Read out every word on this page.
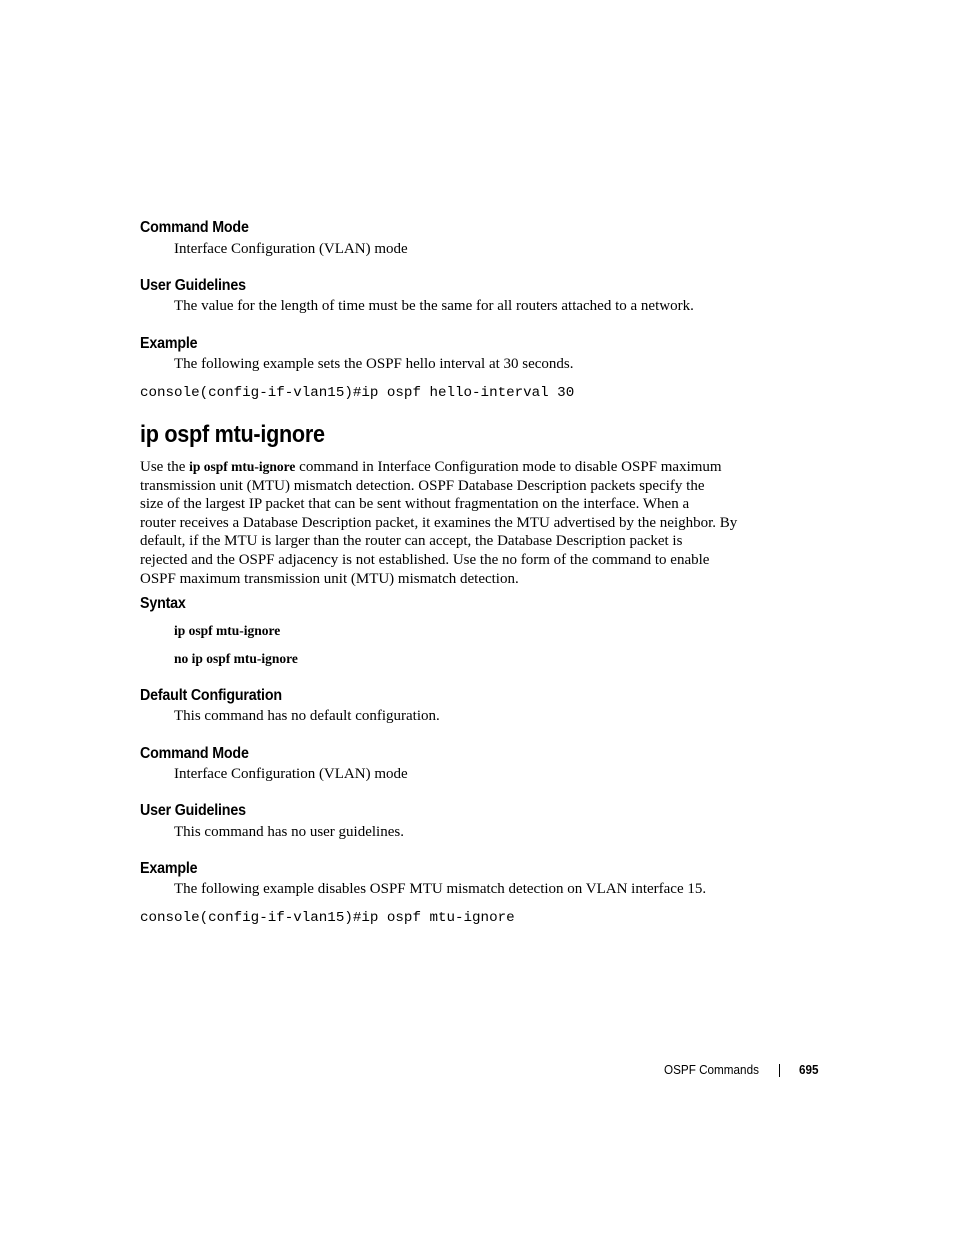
Command Mode
Interface Configuration (VLAN) mode
User Guidelines
The value for the length of time must be the same for all routers attached to a network.
Example
The following example sets the OSPF hello interval at 30 seconds.
console(config-if-vlan15)#ip ospf hello-interval 30
ip ospf mtu-ignore
Use the ip ospf mtu-ignore command in Interface Configuration mode to disable OSPF maximum
transmission unit (MTU) mismatch detection. OSPF Database Description packets specify the
size of the largest IP packet that can be sent without fragmentation on the interface. When a
router receives a Database Description packet, it examines the MTU advertised by the neighbor. By
default, if the MTU is larger than the router can accept, the Database Description packet is
rejected and the OSPF adjacency is not established. Use the no form of the command to enable
OSPF maximum transmission unit (MTU) mismatch detection.
Syntax
ip ospf mtu-ignore
no ip ospf mtu-ignore
Default Configuration
This command has no default configuration.
Command Mode
Interface Configuration (VLAN) mode
User Guidelines
This command has no user guidelines.
Example
The following example disables OSPF MTU mismatch detection on VLAN interface 15.
console(config-if-vlan15)#ip ospf mtu-ignore
OSPF Commands	695
